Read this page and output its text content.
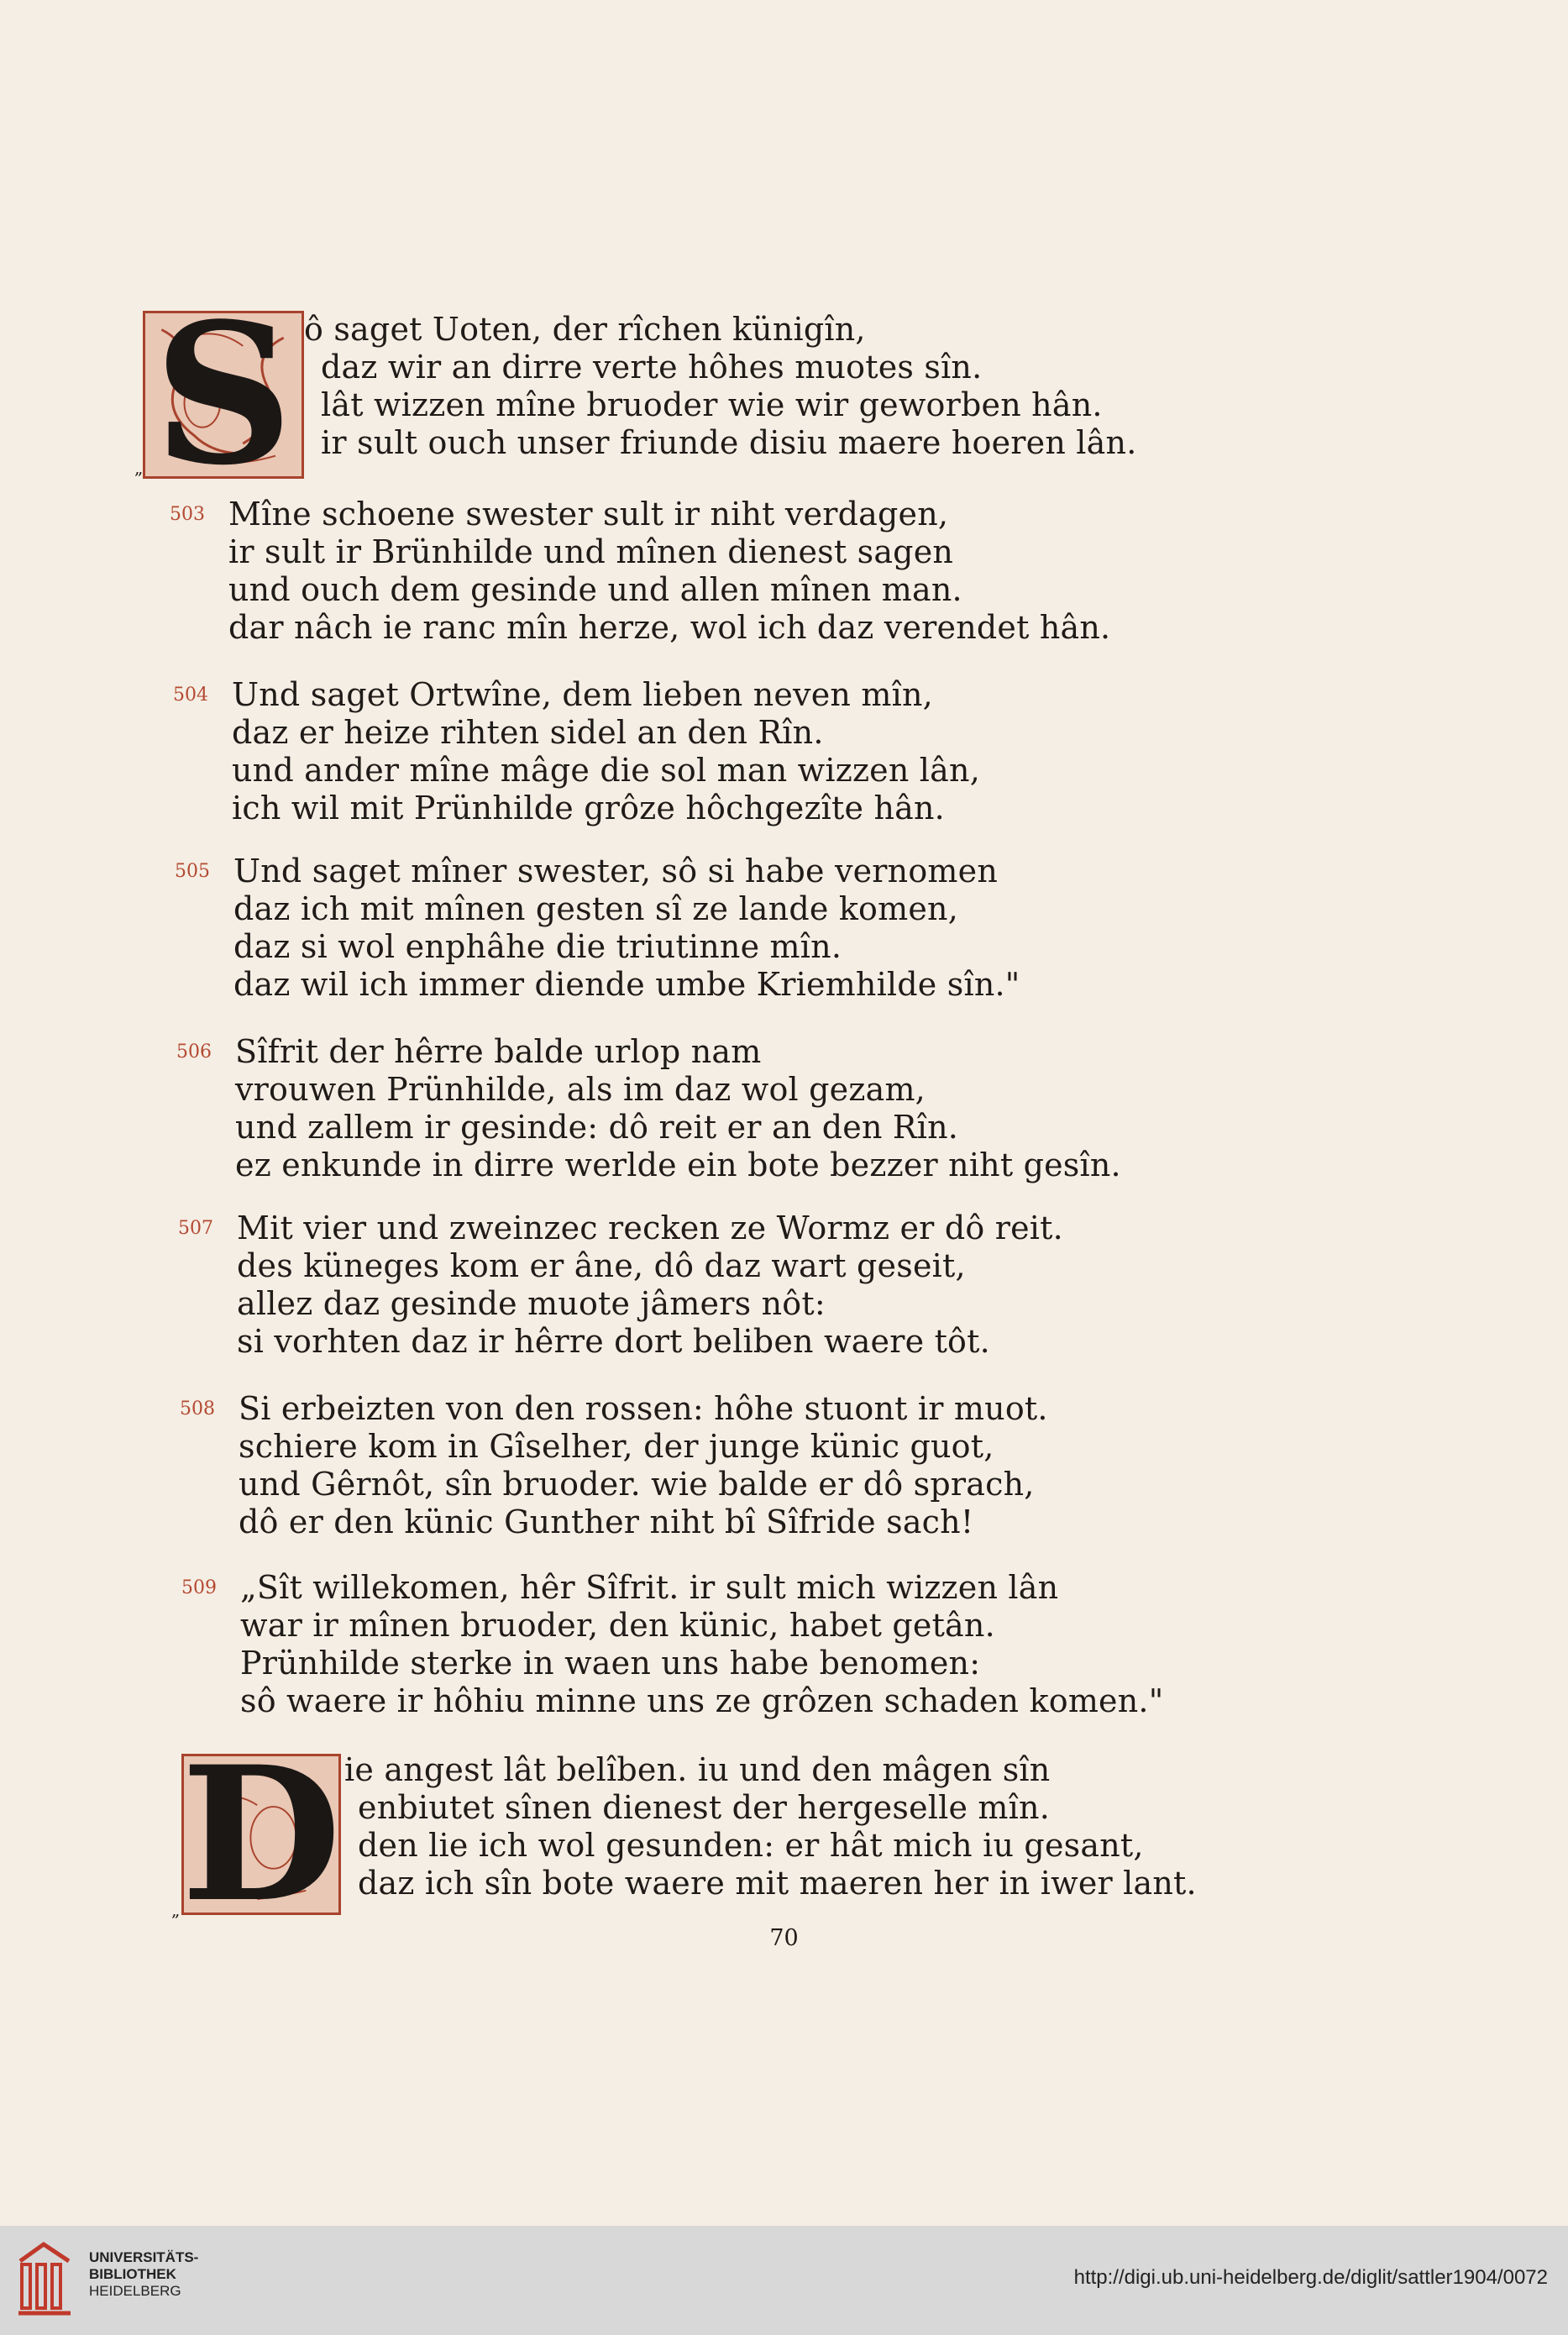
S
„
ô saget Uoten, der rîchen künigîn,
daz wir an dirre verte hôhes muotes sîn.
lât wizzen mîne bruoder wie wir geworben hân.
ir sult ouch unser friunde disiu maere hoeren lân.
503 Mîne schoene swester sult ir niht verdagen,
ir sult ir Brünhilde und mînen dienest sagen
und ouch dem gesinde und allen mînen man.
dar nâch ie ranc mîn herze, wol ich daz verendet hân.
504 Und saget Ortwîne, dem lieben neven mîn,
daz er heize rihten sidel an den Rîn.
und ander mîne mâge die sol man wizzen lân,
ich wil mit Prünhilde grôze hôchgezîte hân.
505 Und saget mîner swester, sô si habe vernomen
daz ich mit mînen gesten sî ze lande komen,
daz si wol enphâhe die triutinne mîn.
daz wil ich immer diende umbe Kriemhilde sîn."
506 Sîfrit der hêrre balde urlop nam
vrouwen Prünhilde, als im daz wol gezam,
und zallem ir gesinde: dô reit er an den Rîn.
ez enkunde in dirre werlde ein bote bezzer niht gesîn.
507 Mit vier und zweinzec recken ze Wormz er dô reit.
des küneges kom er âne, dô daz wart geseit,
allez daz gesinde muote jâmers nôt:
si vorhten daz ir hêrre dort beliben waere tôt.
508 Si erbeizten von den rossen: hôhe stuont ir muot.
schiere kom in Gîselher, der junge künic guot,
und Gêrnôt, sîn bruoder. wie balde er dô sprach,
dô er den künic Gunther niht bî Sîfride sach!
509 „Sît willekomen, hêr Sîfrit. ir sult mich wizzen lân
war ir mînen bruoder, den künic, habet getân.
Prünhilde sterke in waen uns habe benomen:
sô waere ir hôhiu minne uns ze grôzen schaden komen."
D
„
ie angest lât belîben. iu und den mâgen sîn
enbiutet sînen dienest der hergeselle mîn.
den lie ich wol gesunden: er hât mich iu gesant,
daz ich sîn bote waere mit maeren her in iwer lant.
70
UNIVERSITÄTS-
BIBLIOTHEK
HEIDELBERG
http://digi.ub.uni-heidelberg.de/diglit/sattler1904/0072
